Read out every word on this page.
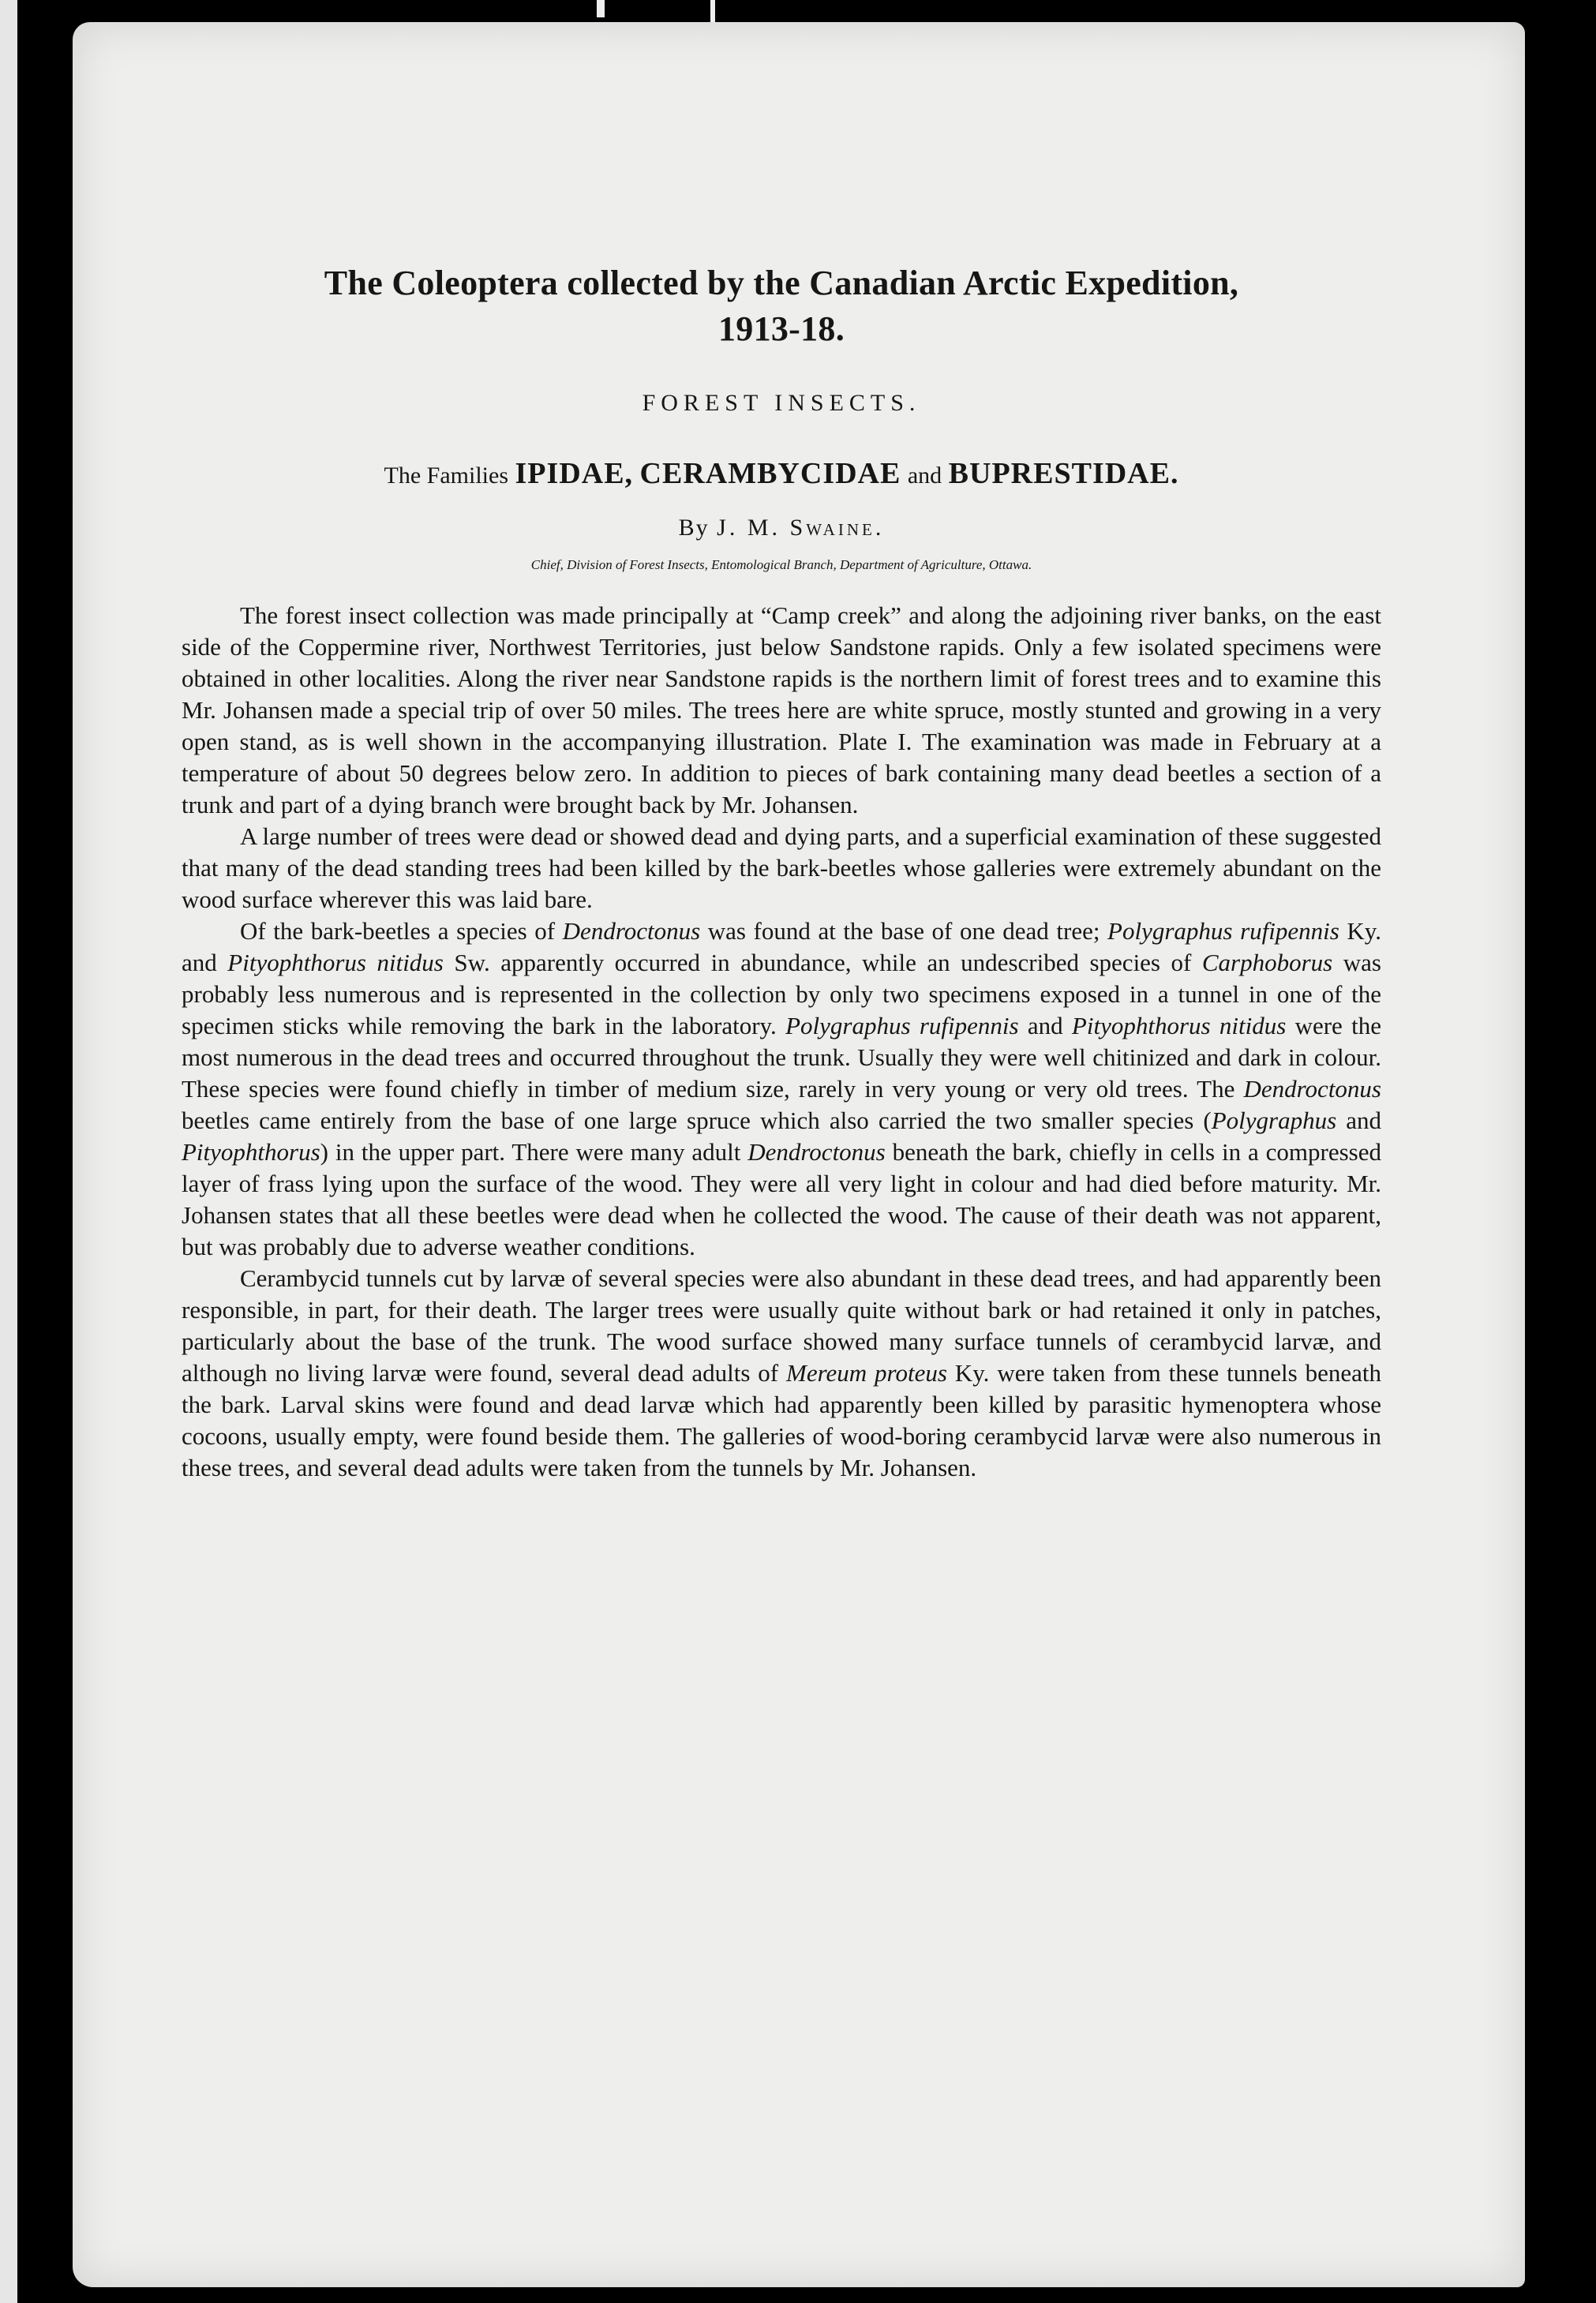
The Coleoptera collected by the Canadian Arctic Expedition,
1913-18.
FOREST INSECTS.
The Families IPIDAE, CERAMBYCIDAE and BUPRESTIDAE.
By J. M. Swaine.
Chief, Division of Forest Insects, Entomological Branch, Department of Agriculture, Ottawa.

The forest insect collection was made principally at “Camp creek” and along the adjoining river banks, on the east side of the Coppermine river, Northwest Territories, just below Sandstone rapids. Only a few isolated specimens were obtained in other localities. Along the river near Sandstone rapids is the northern limit of forest trees and to examine this Mr. Johansen made a special trip of over 50 miles. The trees here are white spruce, mostly stunted and growing in a very open stand, as is well shown in the accompanying illustration. Plate I. The examination was made in February at a temperature of about 50 degrees below zero. In addition to pieces of bark containing many dead beetles a section of a trunk and part of a dying branch were brought back by Mr. Johansen.

A large number of trees were dead or showed dead and dying parts, and a superficial examination of these suggested that many of the dead standing trees had been killed by the bark-beetles whose galleries were extremely abundant on the wood surface wherever this was laid bare.

Of the bark-beetles a species of Dendroctonus was found at the base of one dead tree; Polygraphus rufipennis Ky. and Pityophthorus nitidus Sw. apparently occurred in abundance, while an undescribed species of Carphoborus was probably less numerous and is represented in the collection by only two specimens exposed in a tunnel in one of the specimen sticks while removing the bark in the laboratory. Polygraphus rufipennis and Pityophthorus nitidus were the most numerous in the dead trees and occurred throughout the trunk. Usually they were well chitinized and dark in colour. These species were found chiefly in timber of medium size, rarely in very young or very old trees. The Dendroctonus beetles came entirely from the base of one large spruce which also carried the two smaller species (Polygraphus and Pityophthorus) in the upper part. There were many adult Dendroctonus beneath the bark, chiefly in cells in a compressed layer of frass lying upon the surface of the wood. They were all very light in colour and had died before maturity. Mr. Johansen states that all these beetles were dead when he collected the wood. The cause of their death was not apparent, but was probably due to adverse weather conditions.

Cerambycid tunnels cut by larvæ of several species were also abundant in these dead trees, and had apparently been responsible, in part, for their death. The larger trees were usually quite without bark or had retained it only in patches, particularly about the base of the trunk. The wood surface showed many surface tunnels of cerambycid larvæ, and although no living larvæ were found, several dead adults of Mereum proteus Ky. were taken from these tunnels beneath the bark. Larval skins were found and dead larvæ which had apparently been killed by parasitic hymenoptera whose cocoons, usually empty, were found beside them. The galleries of wood-boring cerambycid larvæ were also numerous in these trees, and several dead adults were taken from the tunnels by Mr. Johansen.
